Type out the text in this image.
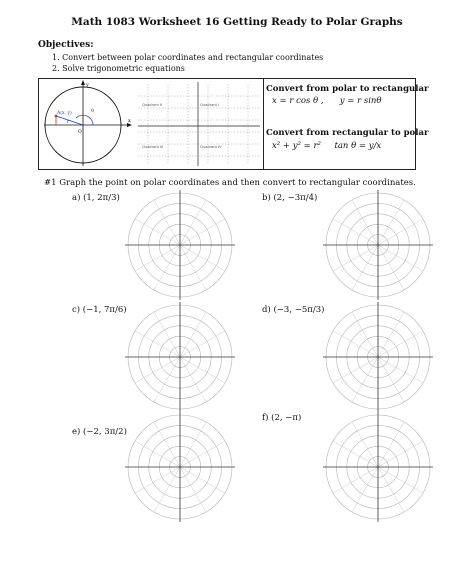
Math 1083 Worksheet 16 Getting Ready to Polar Graphs
Objectives:
1. Convert between polar coordinates and rectangular coordinates
2. Solve trigonometric equations
y
x
A(x, y)
r
θ
O
Quadrant II	Quadrant I
Quadrant III	Quadrant IV
Convert from polar to rectangular
x = r cos θ ,      y = r sinθ
Convert from rectangular to polar
x² + y² = r²     tan θ = y/x
#1 Graph the point on polar coordinates and then convert to rectangular coordinates.
a) (1, 2π/3)	b) (2, −3π/4)
c) (−1, 7π/6)	d) (−3, −5π/3)
e) (−2, 3π/2)
f) (2, −π)
